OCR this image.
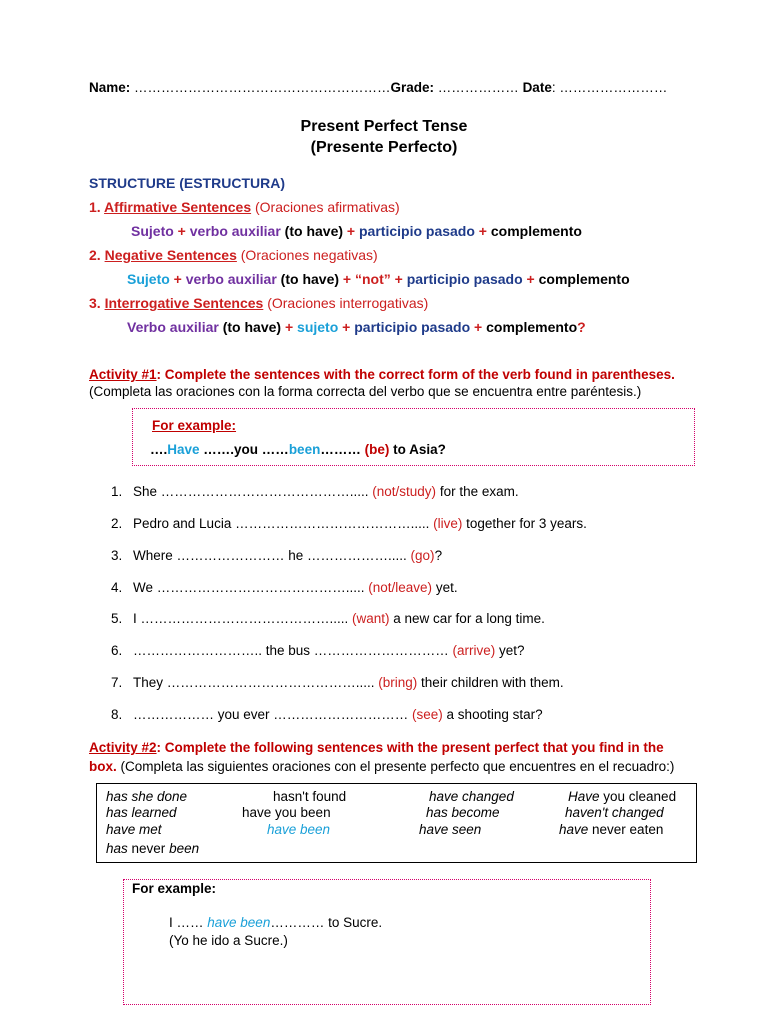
Name: …………………………………………………Grade: ……………… Date: ……………………
Present Perfect Tense
(Presente Perfecto)
STRUCTURE (ESTRUCTURA)
1. Affirmative Sentences (Oraciones afirmativas)
Sujeto + verbo auxiliar (to have) + participio pasado + complemento
2. Negative Sentences (Oraciones negativas)
Sujeto + verbo auxiliar (to have) + “not” + participio pasado + complemento
3. Interrogative Sentences (Oraciones interrogativas)
Verbo auxiliar (to have) + sujeto + participio pasado + complemento?
Activity #1: Complete the sentences with the correct form of the verb found in parentheses.
(Completa las oraciones con la forma correcta del verbo que se encuentra entre paréntesis.)
For example:
….Have …….you ……been……… (be) to Asia?
1. She ……………………………………..... (not/study) for the exam.
2. Pedro and Lucia …………………………………..... (live) together for 3 years.
3. Where …………………… he ………………..... (go)?
4. We ……………………………………..... (not/leave) yet.
5. I ……………………………………..... (want) a new car for a long time.
6. ……………………….. the bus ………………………… (arrive) yet?
7. They ……………………………………..... (bring) their children with them.
8. ……………… you ever ………………………… (see) a shooting star?
Activity #2: Complete the following sentences with the present perfect that you find in the box. (Completa las siguientes oraciones con el presente perfecto que encuentres en el recuadro:)
has she done
has learned
have met
has never been
hasn't found
have you been
have been
have changed
has become
have seen
Have you cleaned
haven't changed
have never eaten
For example:
I …… have been………… to Sucre.
(Yo he ido a Sucre.)
